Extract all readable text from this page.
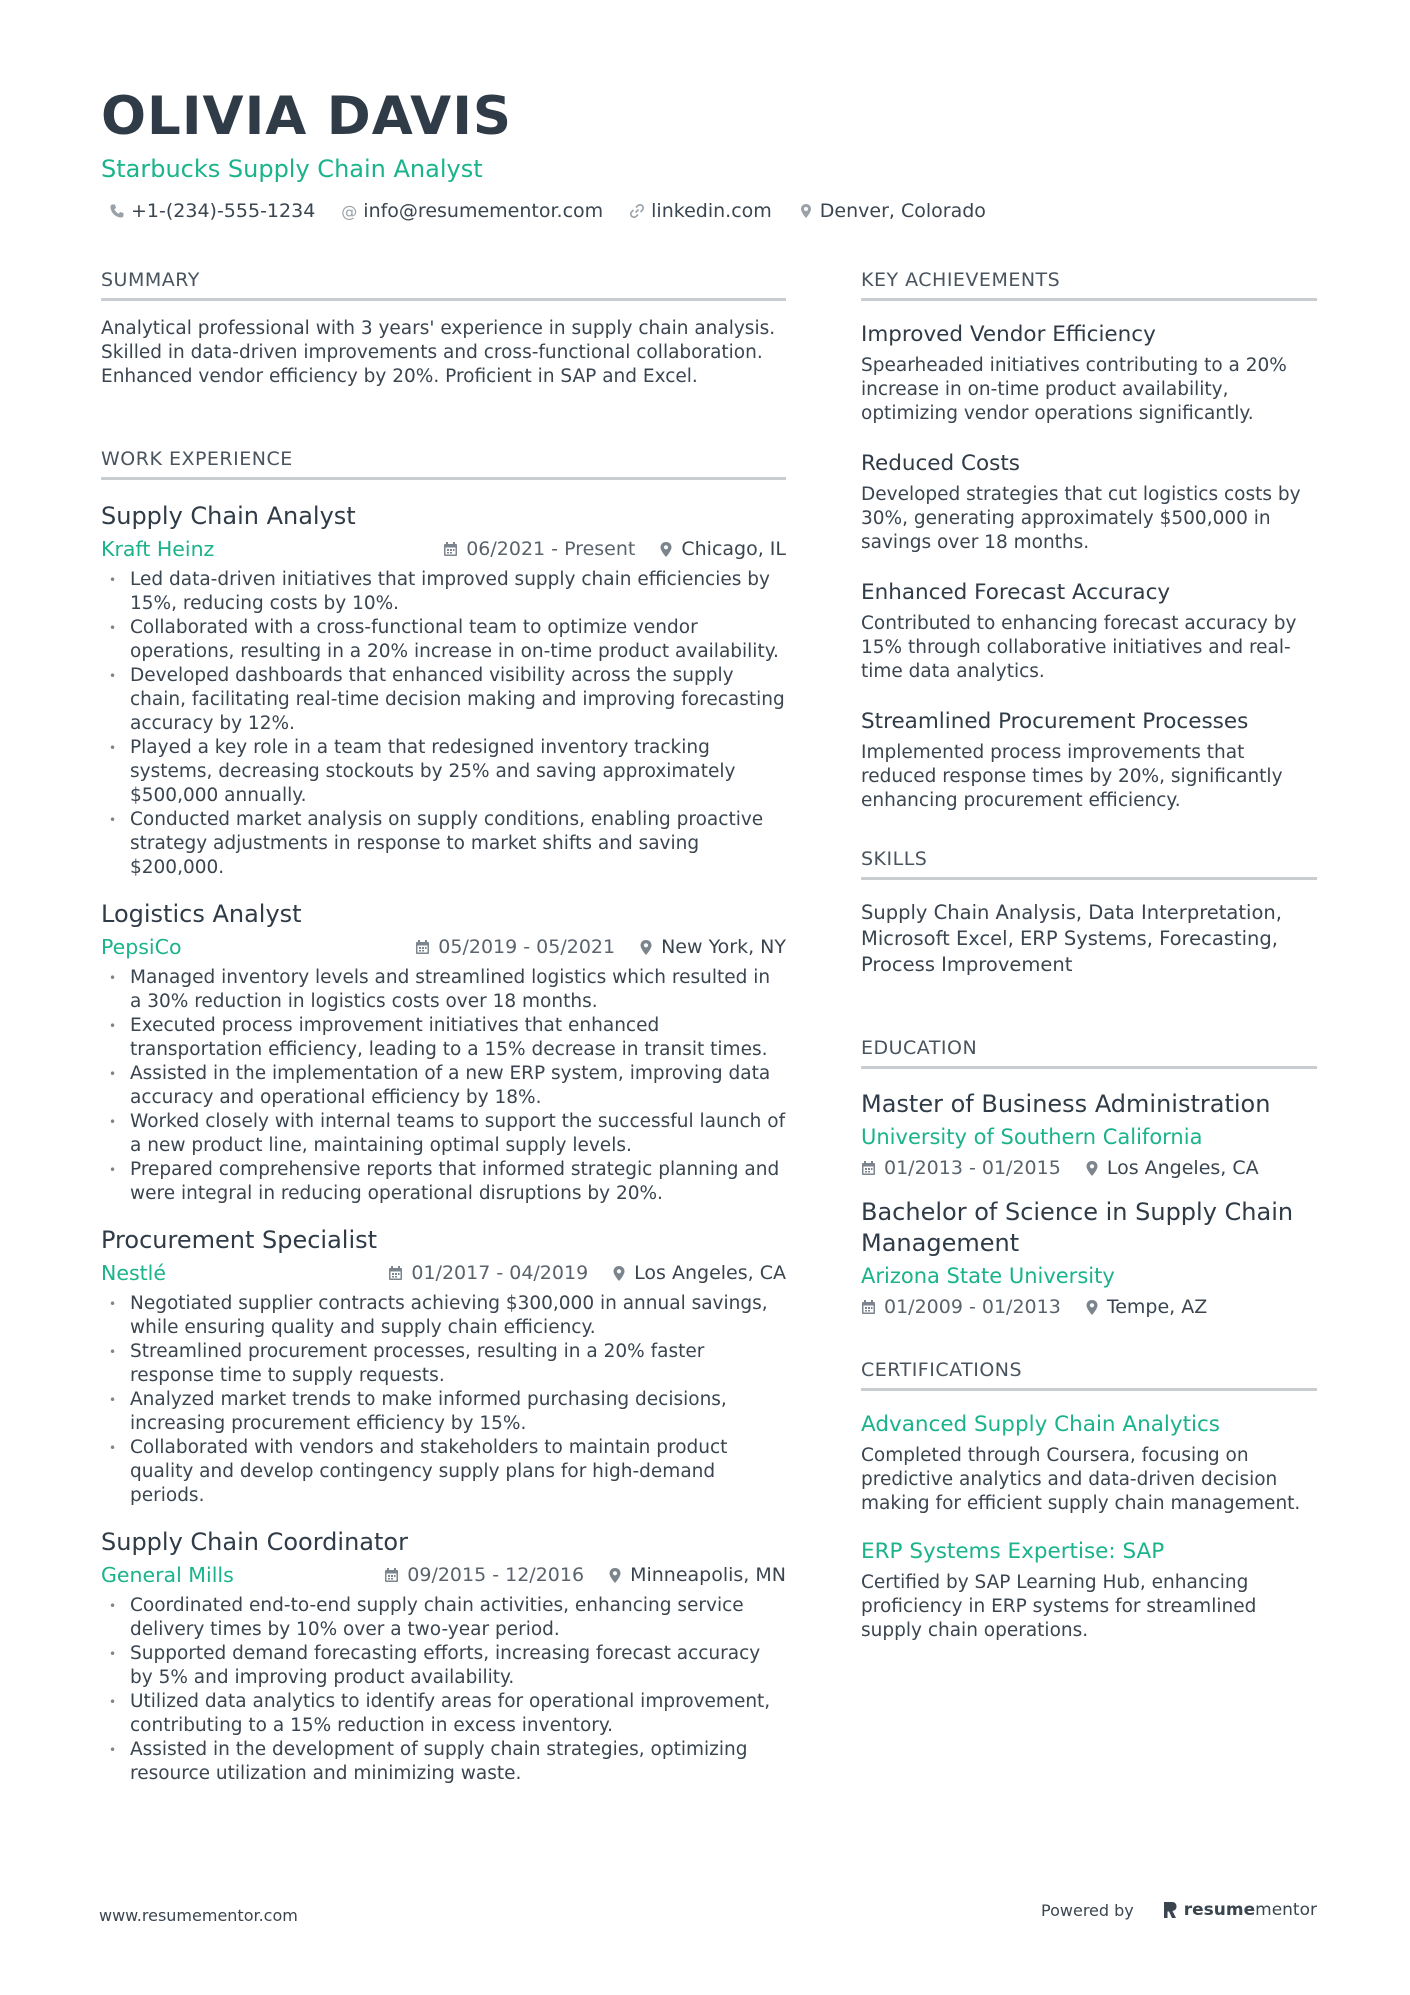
OLIVIA DAVIS
Starbucks Supply Chain Analyst
+1-(234)-555-1234 @ info@resumementor.com	linkedin.com	Denver, Colorado
SUMMARY

Analytical professional with 3 years' experience in supply chain analysis. Skilled in data-driven improvements and cross-functional collaboration. Enhanced vendor efficiency by 20%. Proficient in SAP and Excel.

WORK EXPERIENCE
Supply Chain Analyst
Kraft Heinz	06/2021 - Present Chicago, IL
• Led data-driven initiatives that improved supply chain efficiencies by 15%, reducing costs by 10%.
• Collaborated with a cross-functional team to optimize vendor operations, resulting in a 20% increase in on-time product availability.
• Developed dashboards that enhanced visibility across the supply chain, facilitating real-time decision making and improving forecasting accuracy by 12%.
• Played a key role in a team that redesigned inventory tracking systems, decreasing stockouts by 25% and saving approximately $500,000 annually.
• Conducted market analysis on supply conditions, enabling proactive strategy adjustments in response to market shifts and saving $200,000.
Logistics Analyst
PepsiCo	05/2019 - 05/2021 New York, NY
• Managed inventory levels and streamlined logistics which resulted in a 30% reduction in logistics costs over 18 months.
• Executed process improvement initiatives that enhanced transportation efficiency, leading to a 15% decrease in transit times.
• Assisted in the implementation of a new ERP system, improving data accuracy and operational efficiency by 18%.
• Worked closely with internal teams to support the successful launch of a new product line, maintaining optimal supply levels.
• Prepared comprehensive reports that informed strategic planning and were integral in reducing operational disruptions by 20%.
Procurement Specialist
Nestlé	01/2017 - 04/2019 Los Angeles, CA
• Negotiated supplier contracts achieving $300,000 in annual savings, while ensuring quality and supply chain efficiency.
• Streamlined procurement processes, resulting in a 20% faster response time to supply requests.
• Analyzed market trends to make informed purchasing decisions, increasing procurement efficiency by 15%.
• Collaborated with vendors and stakeholders to maintain product quality and develop contingency supply plans for high-demand periods.
Supply Chain Coordinator
General Mills	09/2015 - 12/2016 Minneapolis, MN
• Coordinated end-to-end supply chain activities, enhancing service delivery times by 10% over a two-year period.
• Supported demand forecasting efforts, increasing forecast accuracy by 5% and improving product availability.
• Utilized data analytics to identify areas for operational improvement, contributing to a 15% reduction in excess inventory.
• Assisted in the development of supply chain strategies, optimizing resource utilization and minimizing waste.
KEY ACHIEVEMENTS
Improved Vendor Efficiency

Spearheaded initiatives contributing to a 20% increase in on-time product availability, optimizing vendor operations significantly.

Reduced Costs

Developed strategies that cut logistics costs by 30%, generating approximately $500,000 in savings over 18 months.

Enhanced Forecast Accuracy

Contributed to enhancing forecast accuracy by 15% through collaborative initiatives and real-time data analytics.

Streamlined Procurement Processes

Implemented process improvements that reduced response times by 20%, significantly enhancing procurement efficiency.

SKILLS

Supply Chain Analysis, Data Interpretation, Microsoft Excel, ERP Systems, Forecasting, Process Improvement

EDUCATION
Master of Business Administration
University of Southern California
01/2013 - 01/2015 Los Angeles, CA
Bachelor of Science in Supply Chain Management
Arizona State University
01/2009 - 01/2013 Tempe, AZ
CERTIFICATIONS
Advanced Supply Chain Analytics

Completed through Coursera, focusing on predictive analytics and data-driven decision making for efficient supply chain management.

ERP Systems Expertise: SAP

Certified by SAP Learning Hub, enhancing proficiency in ERP systems for streamlined supply chain operations.

www.resumementor.com	Powered by	resumementor
